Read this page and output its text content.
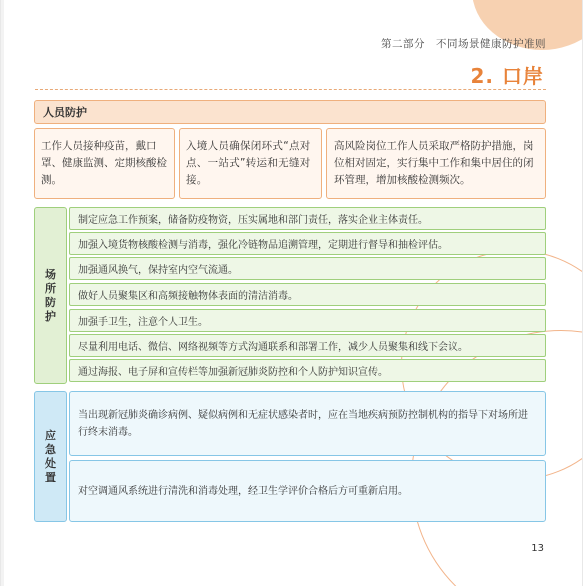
第二部分　不同场景健康防护准则
2. 口岸
人员防护
工作人员接种疫苗，戴口罩、健康监测、定期核酸检测。
入境人员确保闭环式“点对点、一站式”转运和无缝对接。
高风险岗位工作人员采取严格防护措施，岗位相对固定，实行集中工作和集中居住的闭环管理，增加核酸检测频次。
场所防护
制定应急工作预案，储备防疫物资，压实属地和部门责任，落实企业主体责任。
加强入境货物核酸检测与消毒，强化冷链物品追溯管理，定期进行督导和抽检评估。
加强通风换气，保持室内空气流通。
做好人员聚集区和高频接触物体表面的清洁消毒。
加强手卫生，注意个人卫生。
尽量利用电话、微信、网络视频等方式沟通联系和部署工作，减少人员聚集和线下会议。
通过海报、电子屏和宣传栏等加强新冠肺炎防控和个人防护知识宣传。
应急处置
当出现新冠肺炎确诊病例、疑似病例和无症状感染者时，应在当地疾病预防控制机构的指导下对场所进行终末消毒。
对空调通风系统进行清洗和消毒处理，经卫生学评价合格后方可重新启用。
13
